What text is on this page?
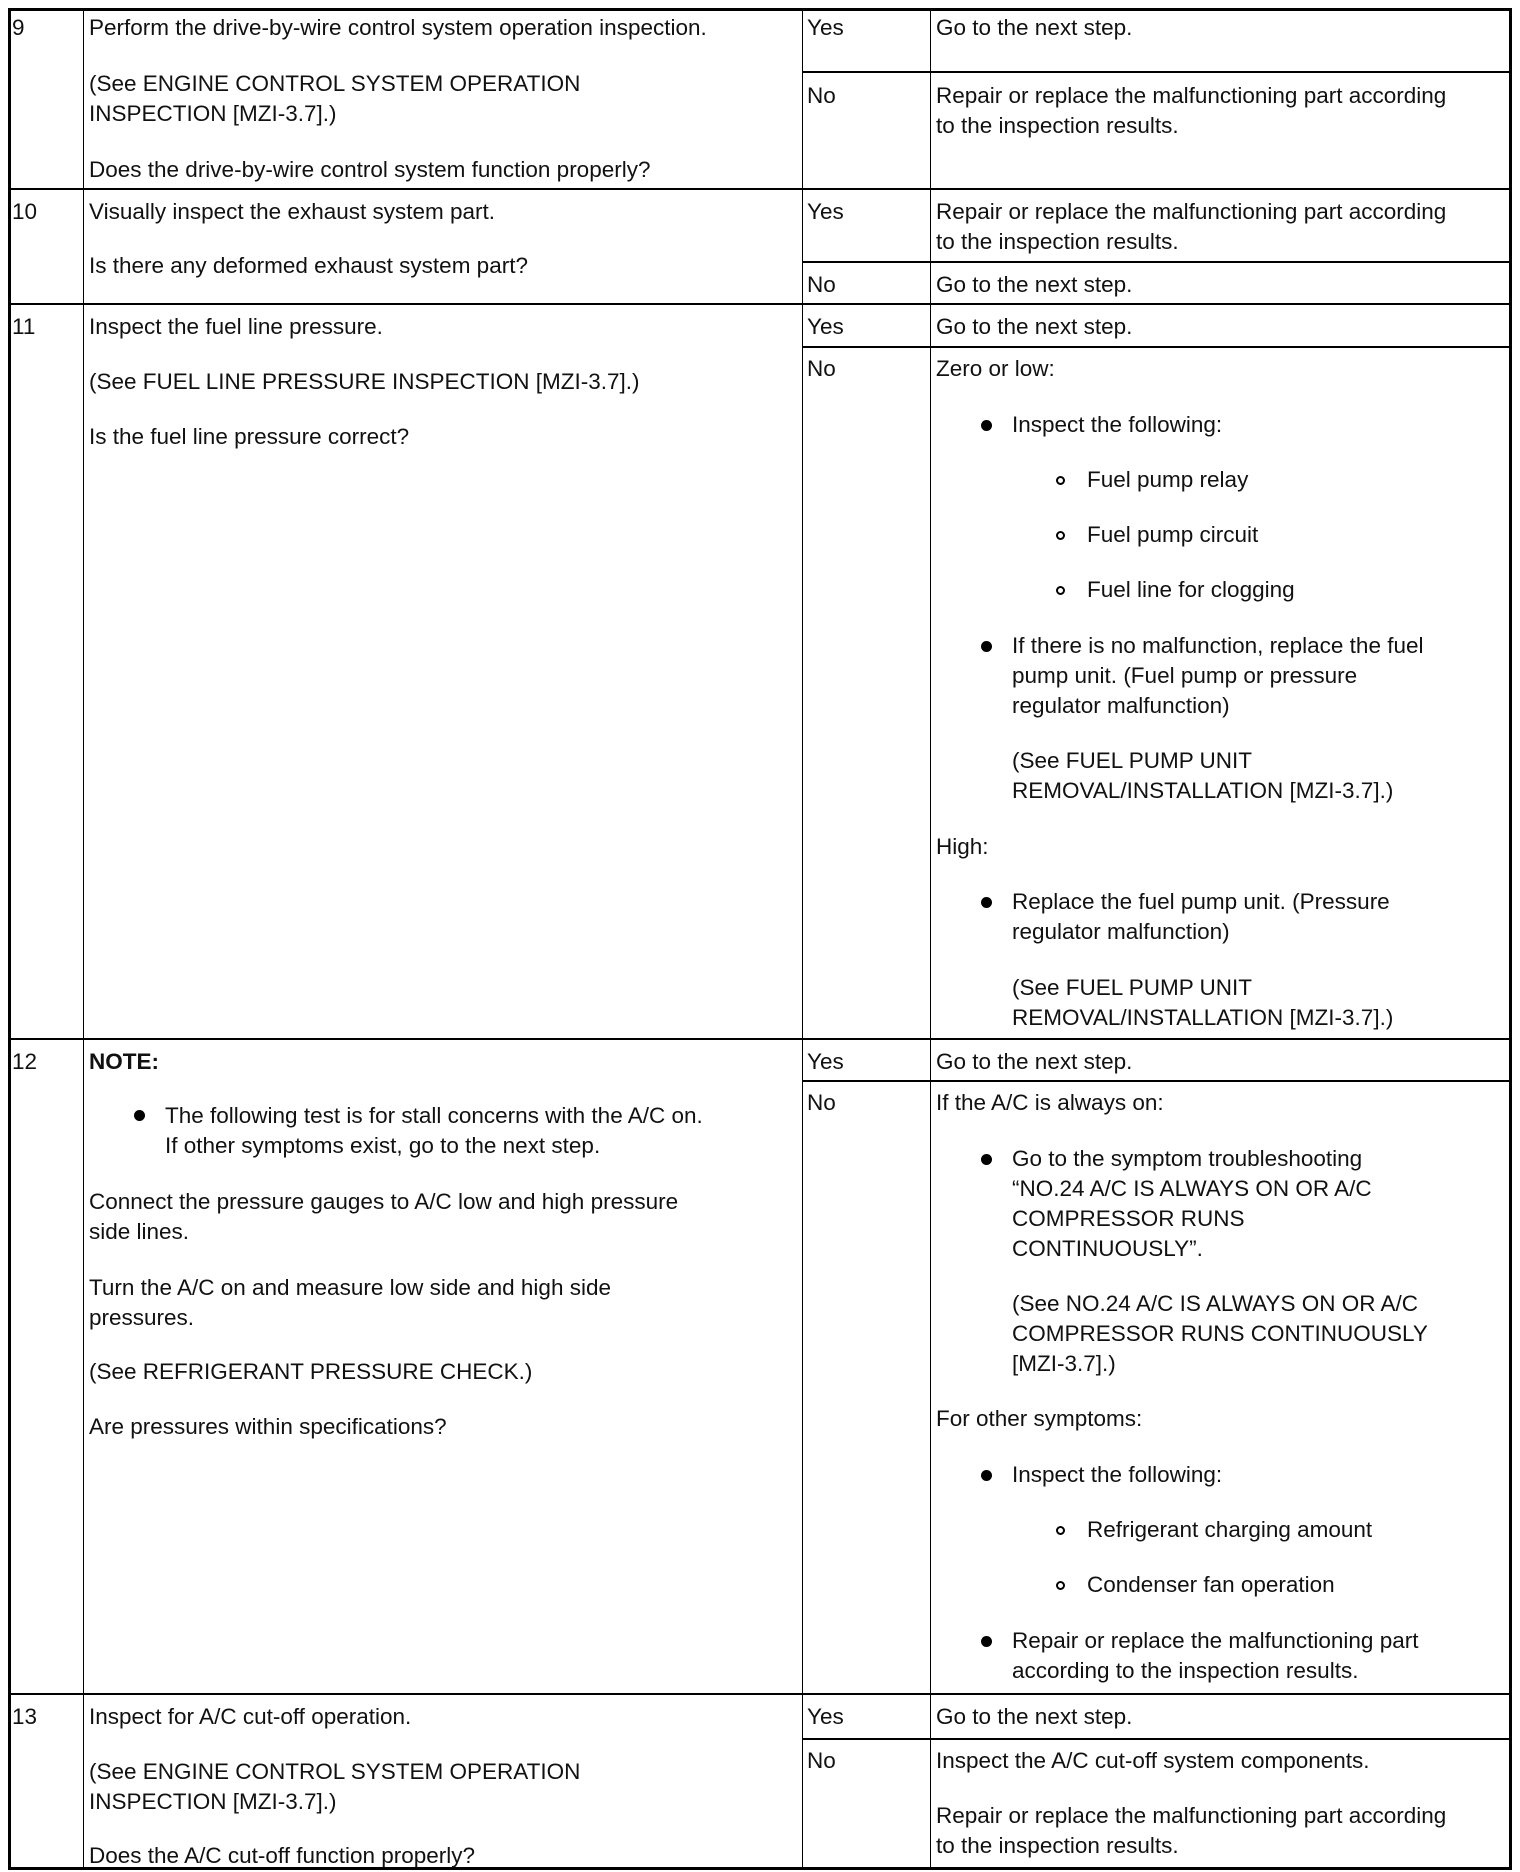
9	Perform the drive-by-wire control system operation inspection.

(See ENGINE CONTROL SYSTEM OPERATION

INSPECTION [MZI-3.7].)

Does the drive-by-wire control system function properly?

Yes	Go to the next step.

No	Repair or replace the malfunctioning part according

to the inspection results.

10 Visually inspect the exhaust system part.

Is there any deformed exhaust system part?

Yes	Repair or replace the malfunctioning part according

to the inspection results.

No	Go to the next step.

11 Inspect the fuel line pressure.

(See FUEL LINE PRESSURE INSPECTION [MZI-3.7].)

Is the fuel line pressure correct?

Yes	Go to the next step.

No	Zero or low:

Inspect the following:

Fuel pump relay

Fuel pump circuit

Fuel line for clogging

If there is no malfunction, replace the fuel

pump unit. (Fuel pump or pressure

regulator malfunction)

(See FUEL PUMP UNIT

REMOVAL/INSTALLATION [MZI-3.7].)

High:

Replace the fuel pump unit. (Pressure

regulator malfunction)

(See FUEL PUMP UNIT

REMOVAL/INSTALLATION [MZI-3.7].)

12 NOTE:

The following test is for stall concerns with the A/C on.

If other symptoms exist, go to the next step.

Connect the pressure gauges to A/C low and high pressure

side lines.

Turn the A/C on and measure low side and high side

pressures.

(See REFRIGERANT PRESSURE CHECK.)

Are pressures within specifications?

Yes	Go to the next step.

No	If the A/C is always on:

Go to the symptom troubleshooting

“NO.24 A/C IS ALWAYS ON OR A/C

COMPRESSOR RUNS

CONTINUOUSLY”.

(See NO.24 A/C IS ALWAYS ON OR A/C

COMPRESSOR RUNS CONTINUOUSLY

[MZI-3.7].)

For other symptoms:

Inspect the following:

Refrigerant charging amount

Condenser fan operation

Repair or replace the malfunctioning part

according to the inspection results.

13 Inspect for A/C cut-off operation.

(See ENGINE CONTROL SYSTEM OPERATION

INSPECTION [MZI-3.7].)

Does the A/C cut-off function properly?

Yes	Go to the next step.

No	Inspect the A/C cut-off system components.

Repair or replace the malfunctioning part according

to the inspection results.
